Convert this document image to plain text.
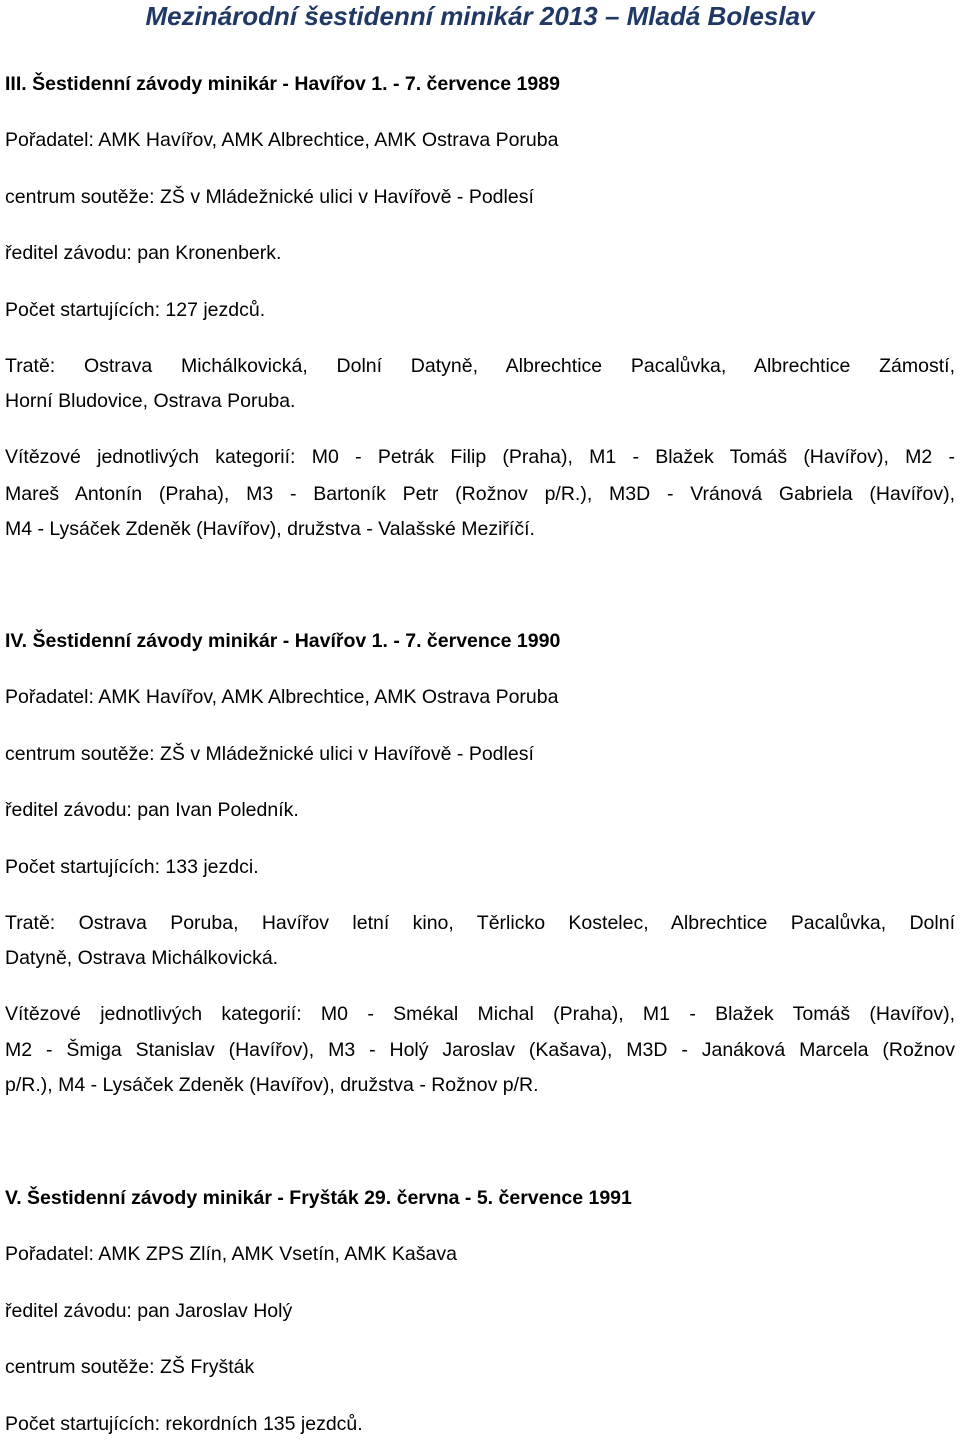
Mezinárodní šestidenní minikár 2013 – Mladá Boleslav
III. Šestidenní závody minikár - Havířov 1. - 7. července 1989
Pořadatel: AMK Havířov, AMK Albrechtice, AMK Ostrava Poruba
centrum soutěže: ZŠ v Mládežnické ulici v Havířově - Podlesí
ředitel závodu: pan Kronenberk.
Počet startujících: 127 jezdců.
Tratě: Ostrava Michálkovická, Dolní Datyně, Albrechtice Pacalůvka, Albrechtice Zámostí,
Horní Bludovice, Ostrava Poruba.
Vítězové jednotlivých kategorií: M0 - Petrák Filip (Praha), M1 - Blažek Tomáš (Havířov), M2 -
Mareš Antonín (Praha), M3 - Bartoník Petr (Rožnov p/R.), M3D - Vránová Gabriela (Havířov),
M4 - Lysáček Zdeněk (Havířov), družstva - Valašské Meziříčí.
IV. Šestidenní závody minikár - Havířov 1. - 7. července 1990
Pořadatel: AMK Havířov, AMK Albrechtice, AMK Ostrava Poruba
centrum soutěže: ZŠ v Mládežnické ulici v Havířově - Podlesí
ředitel závodu: pan Ivan Poledník.
Počet startujících: 133 jezdci.
Tratě: Ostrava Poruba, Havířov letní kino, Těrlicko Kostelec, Albrechtice Pacalůvka, Dolní
Datyně, Ostrava Michálkovická.
Vítězové jednotlivých kategorií: M0 - Smékal Michal (Praha), M1 - Blažek Tomáš (Havířov),
M2 - Šmiga Stanislav (Havířov), M3 - Holý Jaroslav (Kašava), M3D - Janáková Marcela (Rožnov
p/R.), M4 - Lysáček Zdeněk (Havířov), družstva - Rožnov p/R.
V. Šestidenní závody minikár - Fryšták 29. června - 5. července 1991
Pořadatel: AMK ZPS Zlín, AMK Vsetín, AMK Kašava
ředitel závodu: pan Jaroslav Holý
centrum soutěže: ZŠ Fryšták
Počet startujících: rekordních 135 jezdců.
